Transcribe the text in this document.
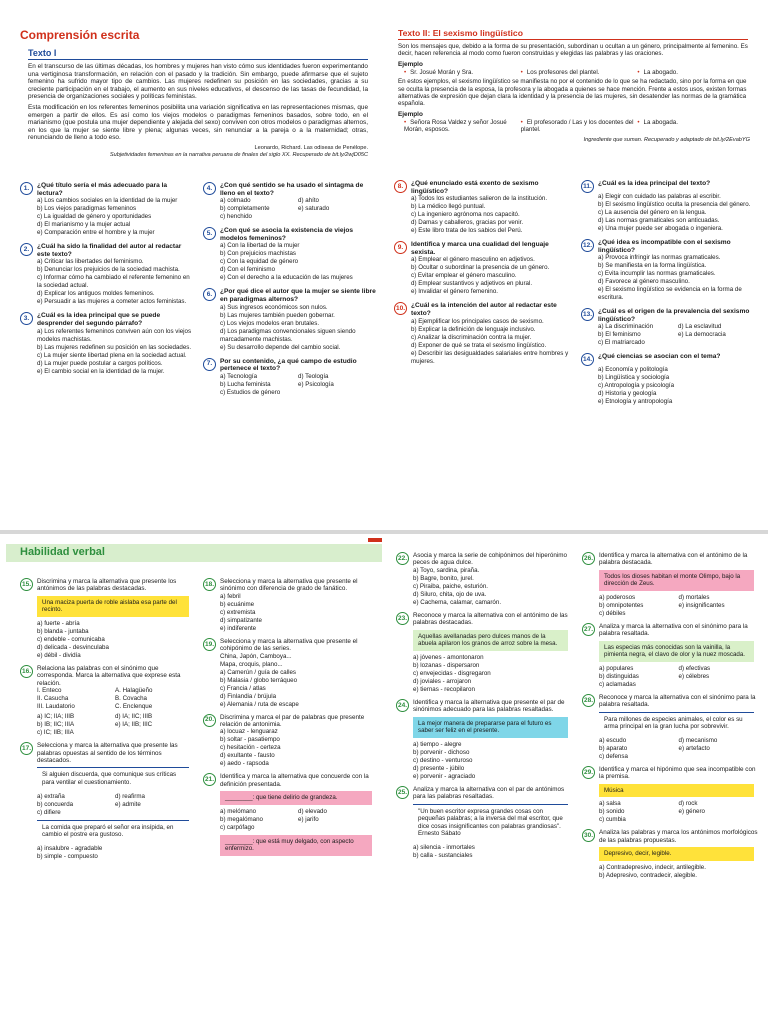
Comprensión escrita
Texto I

En el transcurso de las últimas décadas, los hombres y mujeres han visto cómo sus identidades fueron experimentando una vertiginosa transformación, en relación con el pasado y la tradición. Sin embargo, puede afirmarse que el sujeto femenino ha sufrido mayor tipo de cambios. Las mujeres redefinen su posición en las sociedades, gracias a su creciente participación en el trabajo, el aumento en sus niveles educativos, el descenso de las tasas de fecundidad, la presencia de organizaciones sociales y políticas feministas.

Esta modificación en los referentes femeninos posibilita una variación significativa en las representaciones mismas, que emergen a partir de ellos. Es así como los viejos modelos o paradigmas femeninos basados, sobre todo, en el marianismo (que postula una mujer dependiente y alejada del sexo) conviven con otros modelos o paradigmas alternos, en los que la mujer se siente libre y plena; algunas veces, sin renunciar a la pareja o a la maternidad; otras, renunciando de lleno a todo eso.

Leonardo, Richard. Las odiseas de Penélope.
Subjetividades femeninas en la narrativa peruana de finales del siglo XX. Recuperado de bit.ly/2wjD05C
1.	¿Qué título sería el más adecuado para la lectura?
a) Los cambios sociales en la identidad de la mujer
b) Los viejos paradigmas femeninos
c) La igualdad de género y oportunidades
d) El marianismo y la mujer actual
e) Comparación entre el hombre y la mujer
2.	¿Cuál ha sido la finalidad del autor al redactar este texto?
a) Criticar las libertades del feminismo.
b) Denunciar los prejuicios de la sociedad machista.
c) Informar cómo ha cambiado el referente femenino en la sociedad actual.
d) Explicar los antiguos moldes femeninos.
e) Persuadir a las mujeres a cometer actos feministas.
3.	¿Cuál es la idea principal que se puede desprender del segundo párrafo?
a) Los referentes femeninos conviven aún con los viejos modelos machistas.
b) Las mujeres redefinen su posición en las sociedades.
c) La mujer siente libertad plena en la sociedad actual.
d) La mujer puede postular a cargos políticos.
e) El cambio social en la identidad de la mujer.
4.	¿Con qué sentido se ha usado el sintagma de lleno en el texto?
a) colmado	d) ahíto
b) completamente	e) saturado
c) henchido
5.	¿Con qué se asocia la existencia de viejos modelos femeninos?
a) Con la libertad de la mujer
b) Con prejuicios machistas
c) Con la equidad de género
d) Con el feminismo
e) Con el derecho a la educación de las mujeres
6.	¿Por qué dice el autor que la mujer se siente libre en paradigmas alternos?
a) Sus ingresos económicos son nulos.
b) Las mujeres también pueden gobernar.
c) Los viejos modelos eran brutales.
d) Los paradigmas convencionales siguen siendo marcadamente machistas.
e) Su desarrollo depende del cambio social.
7.	Por su contenido, ¿a qué campo de estudio pertenece el texto?
a) Tecnología	d) Teología
b) Lucha feminista	e) Psicología
c) Estudios de género
Texto II: El sexismo lingüístico
Son los mensajes que, debido a la forma de su presentación, subordinan u ocultan a un género, principalmente al femenino. Es decir, hacen referencia al modo como fueron construidas y elegidas las palabras y las oraciones.
Ejemplo
• Sr. Josué Morán y Sra.	• Los profesores del plantel.	• La abogado.
En estos ejemplos, el sexismo lingüístico se manifiesta no por el contenido de lo que se ha redactado, sino por la forma en que se oculta la presencia de la esposa, la profesora y la abogada a quienes se hace mención. Frente a estos usos, existen formas alternativas de expresión que dejan clara la identidad y la presencia de las mujeres, sin desatender las normas de la gramática española.
Ejemplo
• Señora Rosa Valdez y señor Josué Morán, esposos.
• El profesorado / Las y los docentes del plantel.
• La abogada.
Ingrediente que suman. Recuperado y adaptado de bit.ly/2EvabYG
8.	¿Qué enunciado está exento de sexismo lingüístico?
a) Todos los estudiantes salieron de la institución.
b) La médico llegó puntual.
c) La ingeniero agrónoma nos capacitó.
d) Damas y caballeros, gracias por venir.
e) Este libro trata de los sabios del Perú.
9.	Identifica y marca una cualidad del lenguaje sexista.
a) Emplear el género masculino en adjetivos.
b) Ocultar o subordinar la presencia de un género.
c) Evitar emplear el género masculino.
d) Emplear sustantivos y adjetivos en plural.
e) Invalidar el género femenino.
10. ¿Cuál es la intención del autor al redactar este texto?
a) Ejemplificar los principales casos de sexismo.
b) Explicar la definición de lenguaje inclusivo.
c) Analizar la discriminación contra la mujer.
d) Exponer de qué se trata el sexismo lingüístico.
e) Describir las desigualdades salariales entre hombres y mujeres.
11. ¿Cuál es la idea principal del texto?
a) Elegir con cuidado las palabras al escribir.
b) El sexismo lingüístico oculta la presencia del género.
c) La ausencia del género en la lengua.
d) Las normas gramaticales son anticuadas.
e) Una mujer puede ser abogada o ingeniera.
12. ¿Qué idea es incompatible con el sexismo lingüístico?
a) Provoca infringir las normas gramaticales.
b) Se manifiesta en la forma lingüística.
c) Evita incumplir las normas gramaticales.
d) Favorece al género masculino.
e) El sexismo lingüístico se evidencia en la forma de escritura.
13. ¿Cuál es el origen de la prevalencia del sexismo lingüístico?
a) La discriminación	d) La esclavitud
b) El feminismo	e) La democracia
c) El matriarcado
14. ¿Qué ciencias se asocian con el tema?
a) Economía y politología
b) Lingüística y sociología
c) Antropología y psicología
d) Historia y geología
e) Etnología y antropología
Habilidad verbal
15. Discrimina y marca la alternativa que presente los antónimos de las palabras destacadas.
Una maciza puerta de roble aislaba esa parte del recinto.
a) fuerte - abría
b) blanda - juntaba
c) endeble - comunicaba
d) delicada - desvinculaba
e) débil - dividía
16. Relaciona las palabras con el sinónimo que corresponda. Marca la alternativa que exprese esta relación.
I. Enteco	A. Halagüeño
II. Casucha	B. Covacha
III. Laudatorio	C. Enclenque
a) IC; IIA; IIIB	d) IA; IIC; IIIB
b) IB; IIC; IIIA	e) IA; IIB; IIIC
c) IC; IIB; IIIA
17. Selecciona y marca la alternativa que presente las palabras opuestas al sentido de los términos destacados.
Si alguien discuerda, que comunique sus críticas para ventilar el cuestionamiento.
a) extraña	d) reafirma
b) concuerda	e) admite
c) difiere
La comida que preparó el señor era insípida, en cambio el postre era gustoso.
a) insalubre - agradable
b) simple - compuesto
18. Selecciona y marca la alternativa que presente el sinónimo con diferencia de grado de fanático.
a) febril
b) ecuánime
c) extremista
d) simpatizante
e) indiferente
19. Selecciona y marca la alternativa que presente el cohipónimo de las series.
China, Japón, Camboya...
Mapa, croquis, plano...
a) Camerún / guía de calles
b) Malasia / globo terráqueo
c) Francia / atlas
d) Finlandia / brújula
e) Alemania / ruta de escape
20. Discrimina y marca el par de palabras que presente relación de antonimia.
a) locuaz - lenguaraz
b) soltar - pasatiempo
c) hesitación - certeza
d) exultante - fausto
e) aedo - rapsoda
21. Identifica y marca la alternativa que concuerde con la definición presentada.
________: que tiene delirio de grandeza.
a) melómano	d) elevado
b) megalómano	e) jarifo
c) carpófago
________: que está muy delgado, con aspecto enfermizo.
22. Asocia y marca la serie de cohipónimos del hiperónimo peces de agua dulce.
a) Toyo, sardina, piraña.
b) Bagre, bonito, jurel.
c) Piraiba, paiche, esturión.
d) Siluro, chita, ojo de uva.
e) Cachema, calamar, camarón.
23. Reconoce y marca la alternativa con el antónimo de las palabras destacadas.
Aquellas avellanadas pero dulces manos de la abuela apilaron los granos de arroz sobre la mesa.
a) jóvenes - amontonaron
b) lozanas - dispersaron
c) envejecidas - disgregaron
d) joviales - arrojaron
e) tiernas - recopilaron
24. Identifica y marca la alternativa que presente el par de sinónimos adecuado para las palabras resaltadas.
La mejor manera de prepararse para el futuro es saber ser feliz en el presente.
a) tiempo - alegre
b) porvenir - dichoso
c) destino - venturoso
d) presente - júbilo
e) porvenir - agraciado
25. Analiza y marca la alternativa con el par de antónimos para las palabras resaltadas.
"Un buen escritor expresa grandes cosas con pequeñas palabras; a la inversa del mal escritor, que dice cosas insignificantes con palabras grandiosas". Ernesto Sábato
a) silencia - inmortales
b) calla - sustanciales
26. Identifica y marca la alternativa con el antónimo de la palabra destacada.
Todos los dioses habitan el monte Olimpo, bajo la dirección de Zeus.
a) poderosos	d) mortales
b) omnipotentes	e) insignificantes
c) débiles
27. Analiza y marca la alternativa con el sinónimo para la palabra resaltada.
Las especias más conocidas son la vainilla, la pimienta negra, el clavo de olor y la nuez moscada.
a) populares	d) efectivas
b) distinguidas	e) célebres
c) aclamadas
28. Reconoce y marca la alternativa con el sinónimo para la palabra resaltada.
Para millones de especies animales, el color es su arma principal en la gran lucha por sobrevivir.
a) escudo	d) mecanismo
b) aparato	e) artefacto
c) defensa
29. Identifica y marca el hipónimo que sea incompatible con la premisa.
Música
a) salsa	d) rock
b) sonido	e) género
c) cumbia
30. Analiza las palabras y marca los antónimos morfológicos de las palabras propuestas.
Depresivo, decir, legible.
a) Contradepresivo, indecir, antilegible.
b) Adepresivo, contradecir, alegible.
